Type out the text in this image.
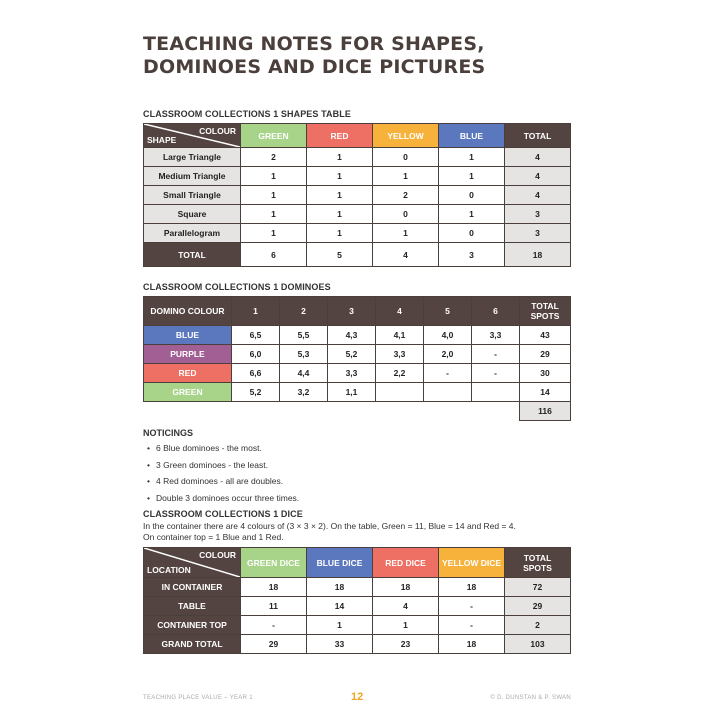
TEACHING NOTES FOR SHAPES,
DOMINOES AND DICE PICTURES
CLASSROOM COLLECTIONS 1 SHAPES TABLE
COLOUR
SHAPE	GREEN	RED	YELLOW	BLUE	TOTAL
Large Triangle	2	1	0	1	4
Medium Triangle	1	1	1	1	4
Small Triangle	1	1	2	0	4
Square	1	1	0	1	3
Parallelogram	1	1	1	0	3
TOTAL	6	5	4	3	18
CLASSROOM COLLECTIONS 1 DOMINOES
DOMINO COLOUR	1	2	3	4	5	6	TOTAL
SPOTS
BLUE	6,5	5,5	4,3	4,1	4,0	3,3	43
PURPLE	6,0	5,3	5,2	3,3	2,0	-	29
RED	6,6	4,4	3,3	2,2	-	-	30
GREEN	5,2	3,2	1,1				14
							116
NOTICINGS
• 6 Blue dominoes - the most.
• 3 Green dominoes - the least.
• 4 Red dominoes - all are doubles.
• Double 3 dominoes occur three times.
CLASSROOM COLLECTIONS 1 DICE
In the container there are 4 colours of (3 × 3 × 2). On the table, Green = 11, Blue = 14 and Red = 4.
On container top = 1 Blue and 1 Red.
COLOUR
LOCATION	GREEN DICE	BLUE DICE	RED DICE	YELLOW DICE	TOTAL
SPOTS
IN CONTAINER	18	18	18	18	72
TABLE	11	14	4	-	29
CONTAINER TOP	-	1	1	-	2
GRAND TOTAL	29	33	23	18	103
TEACHING PLACE VALUE – YEAR 1	12	© D. DUNSTAN & P. SWAN
